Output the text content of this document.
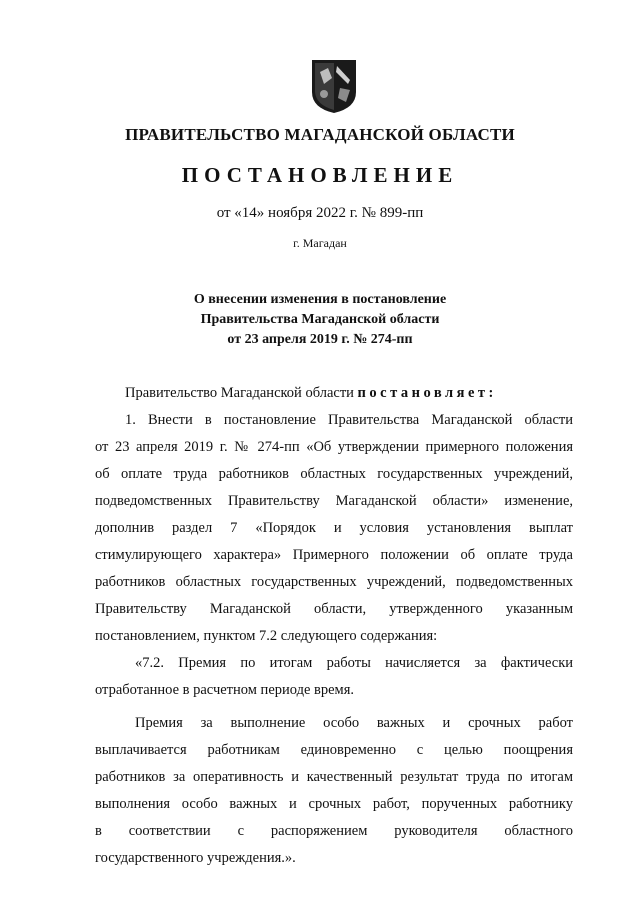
ПРАВИТЕЛЬСТВО МАГАДАНСКОЙ ОБЛАСТИ
ПОСТАНОВЛЕНИЕ
от «14» ноября 2022 г. № 899-пп
г. Магадан
О внесении изменения в постановление
Правительства Магаданской области
от 23 апреля 2019 г. № 274-пп
Правительство Магаданской области постановляет:
1. Внести в постановление Правительства Магаданской области
от 23 апреля 2019 г. № 274-пп «Об утверждении примерного положения
об оплате труда работников областных государственных учреждений,
подведомственных Правительству Магаданской области» изменение,
дополнив раздел 7 «Порядок и условия установления выплат
стимулирующего характера» Примерного положении об оплате труда
работников областных государственных учреждений, подведомственных
Правительству Магаданской области, утвержденного указанным
постановлением, пунктом 7.2 следующего содержания:
«7.2. Премия по итогам работы начисляется за фактически
отработанное в расчетном периоде время.
Премия за выполнение особо важных и срочных работ
выплачивается работникам единовременно с целью поощрения
работников за оперативность и качественный результат труда по итогам
выполнения особо важных и срочных работ, порученных работнику
в соответствии с распоряжением руководителя областного
государственного учреждения.».
